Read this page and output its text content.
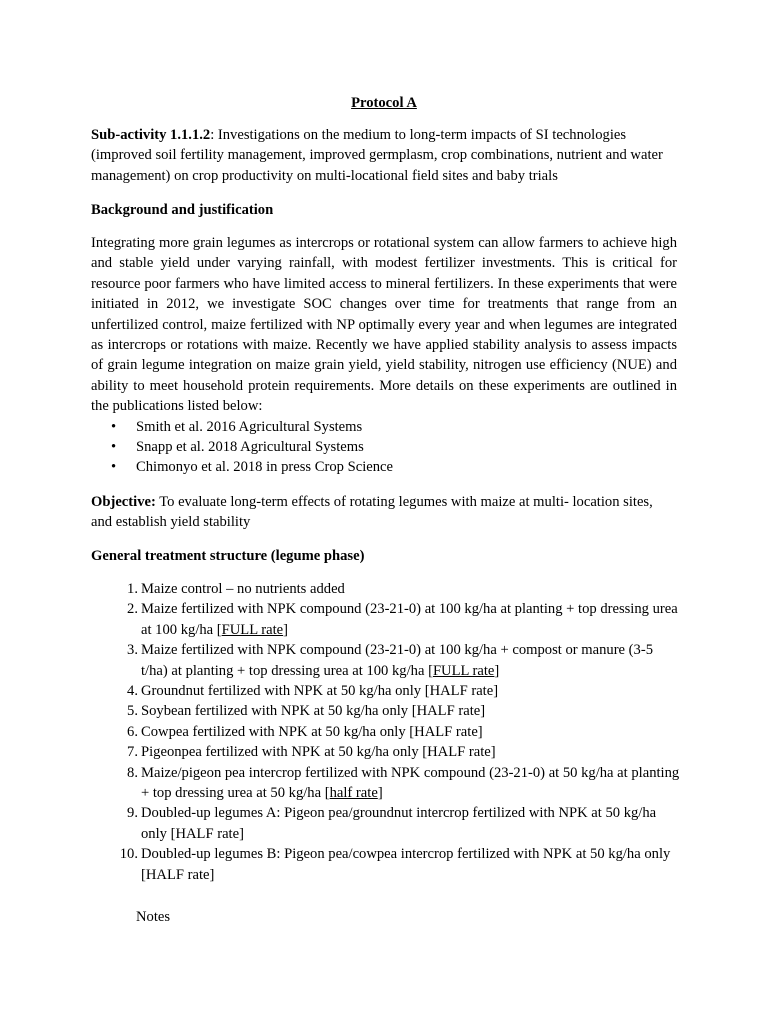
Protocol A

Sub-activity 1.1.1.2: Investigations on the medium to long-term impacts of SI technologies (improved soil fertility management, improved germplasm, crop combinations, nutrient and water management) on crop productivity on multi-locational field sites and baby trials

Background and justification

Integrating more grain legumes as intercrops or rotational system can allow farmers to achieve high and stable yield under varying rainfall, with modest fertilizer investments. This is critical for resource poor farmers who have limited access to mineral fertilizers. In these experiments that were initiated in 2012, we investigate SOC changes over time for treatments that range from an unfertilized control, maize fertilized with NP optimally every year and when legumes are integrated as intercrops or rotations with maize. Recently we have applied stability analysis to assess impacts of grain legume integration on maize grain yield, yield stability, nitrogen use efficiency (NUE) and ability to meet household protein requirements. More details on these experiments are outlined in the publications listed below:

• Smith et al. 2016 Agricultural Systems
• Snapp et al. 2018 Agricultural Systems
• Chimonyo et al. 2018 in press Crop Science

Objective: To evaluate long-term effects of rotating legumes with maize at multi- location sites, and establish yield stability

General treatment structure (legume phase)
1. Maize control – no nutrients added
2. Maize fertilized with NPK compound (23-21-0) at 100 kg/ha at planting + top dressing urea at 100 kg/ha [FULL rate]
3. Maize fertilized with NPK compound (23-21-0) at 100 kg/ha + compost or manure (3-5 t/ha) at planting + top dressing urea at 100 kg/ha [FULL rate]
4. Groundnut fertilized with NPK at 50 kg/ha only [HALF rate]
5. Soybean fertilized with NPK at 50 kg/ha only [HALF rate]
6. Cowpea fertilized with NPK at 50 kg/ha only [HALF rate]
7. Pigeonpea fertilized with NPK at 50 kg/ha only [HALF rate]
8. Maize/pigeon pea intercrop fertilized with NPK compound (23-21-0) at 50 kg/ha at planting + top dressing urea at 50 kg/ha [half rate]
9. Doubled-up legumes A: Pigeon pea/groundnut intercrop fertilized with NPK at 50 kg/ha only [HALF rate]
10. Doubled-up legumes B: Pigeon pea/cowpea intercrop fertilized with NPK at 50 kg/ha only [HALF rate]
Notes
